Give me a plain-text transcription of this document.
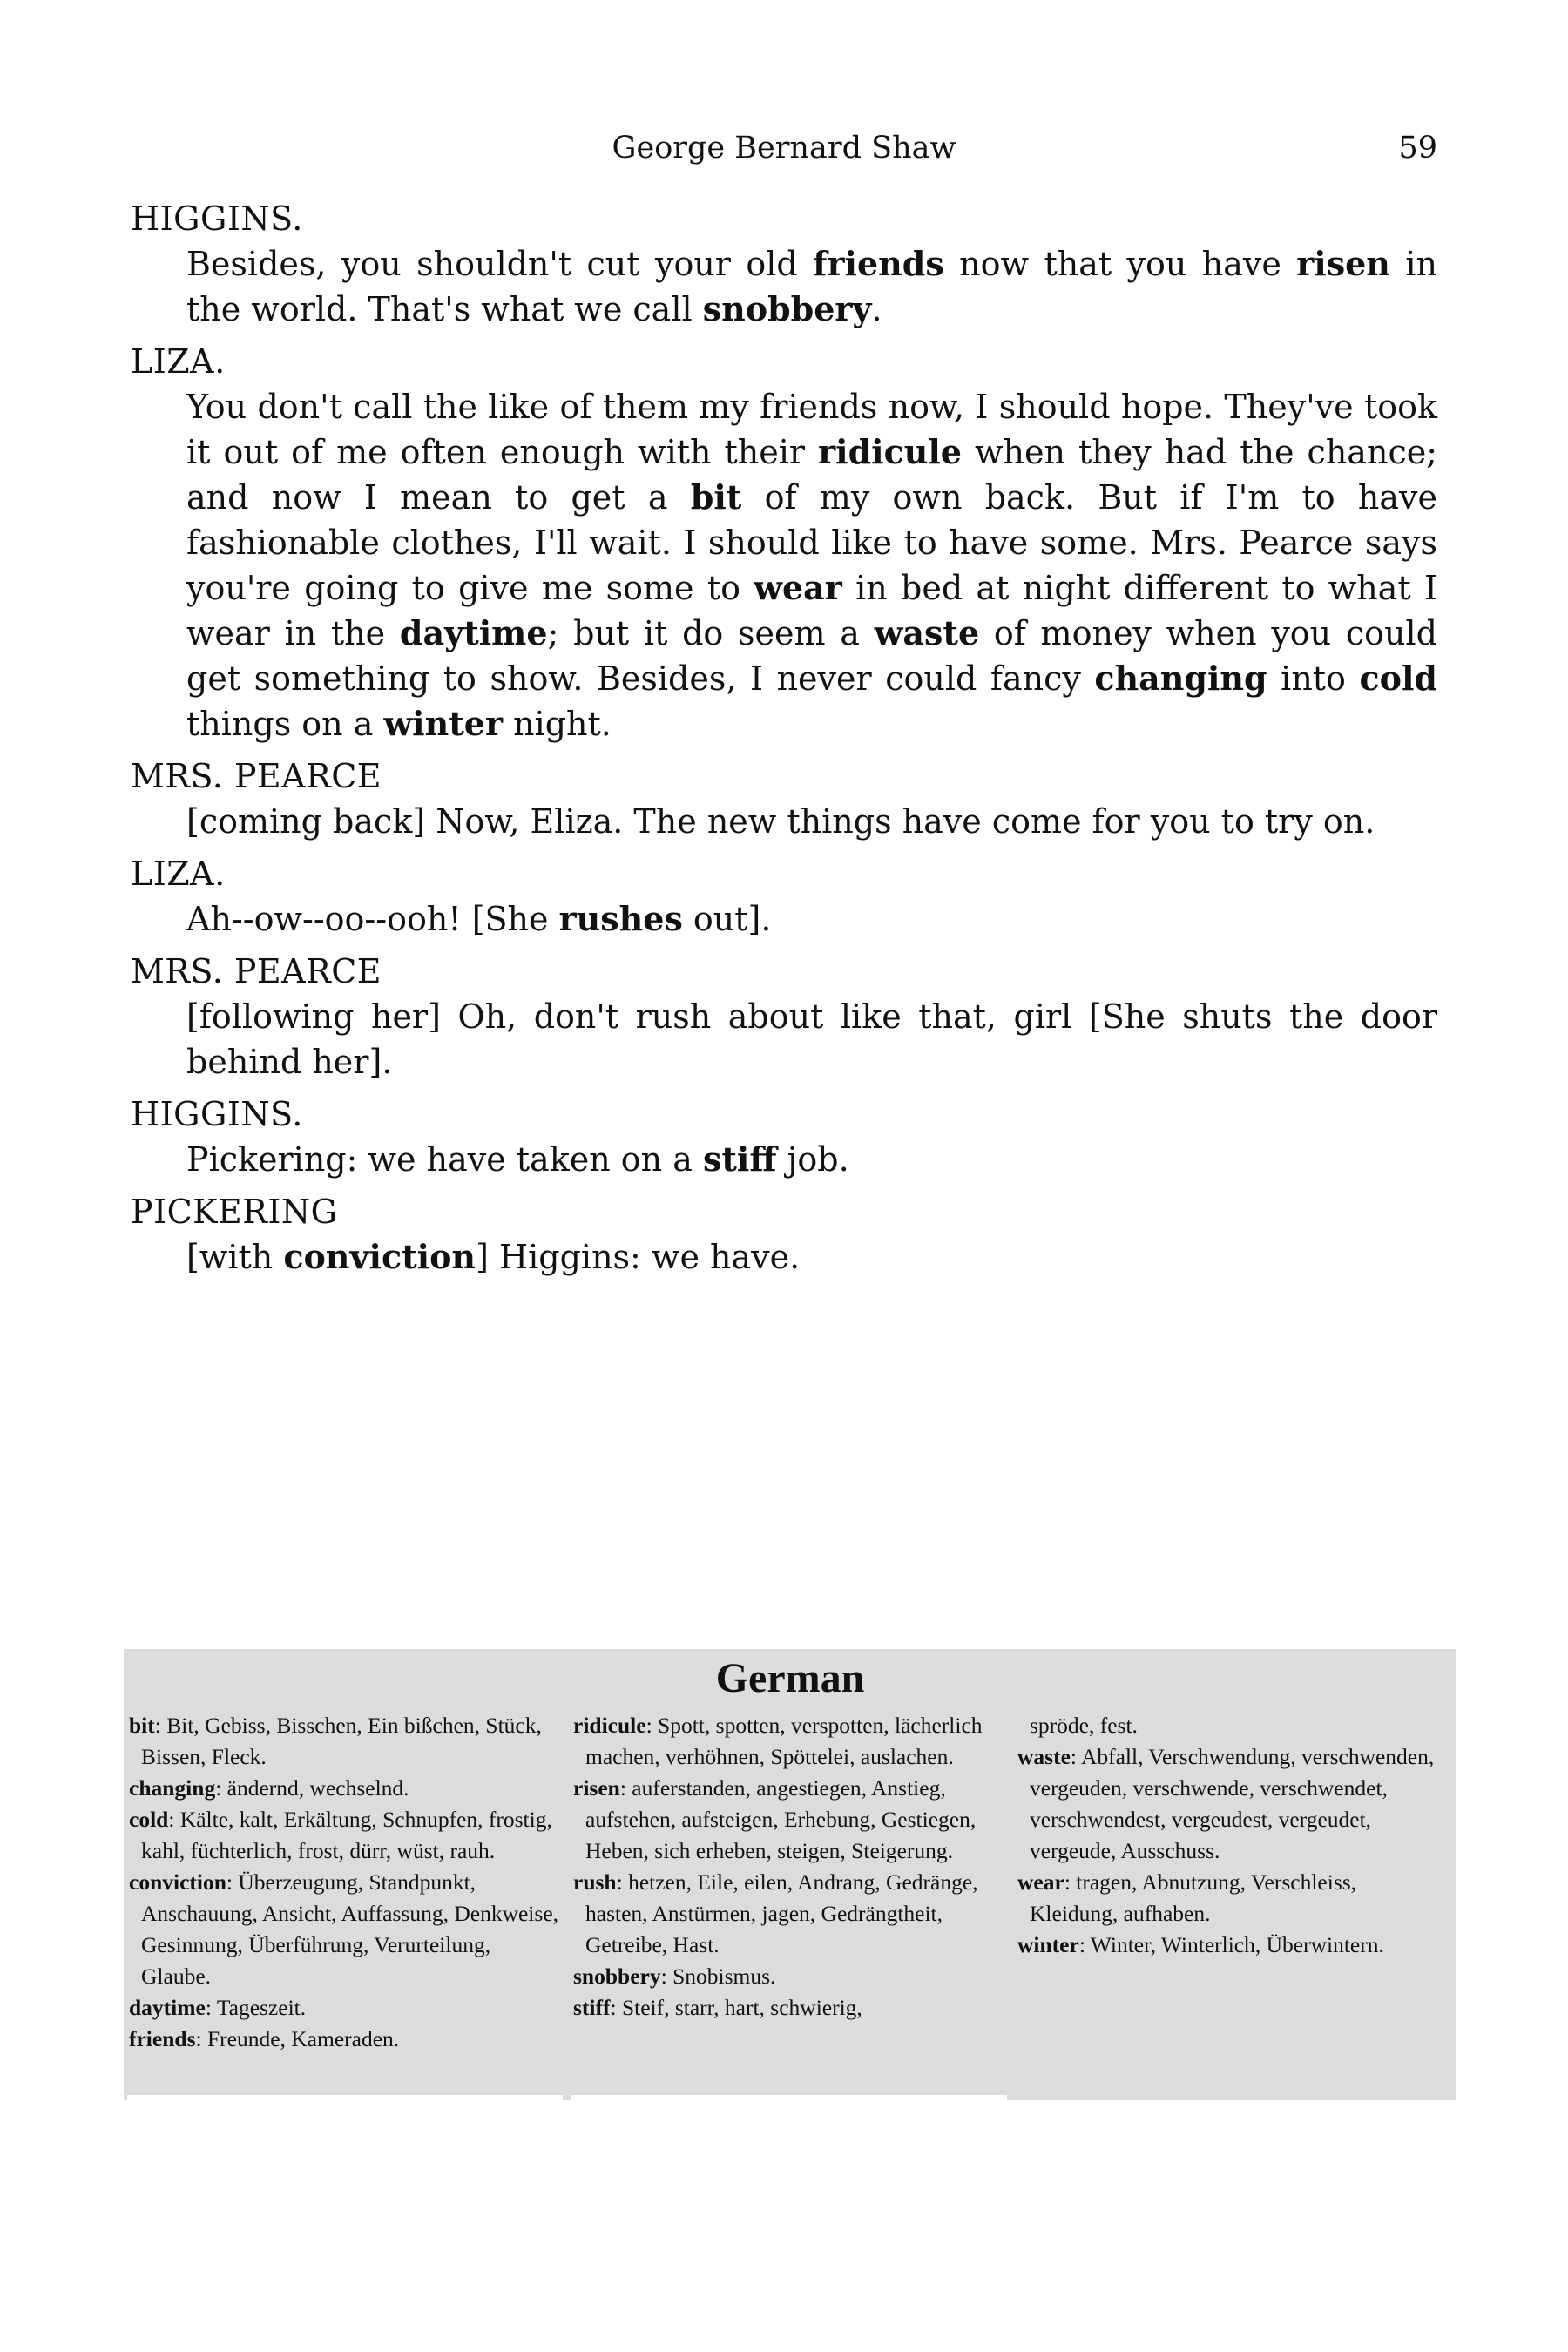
George Bernard Shaw	59

HIGGINS.

Besides, you shouldn't cut your old friends now that you have risen in the world. That's what we call snobbery.

LIZA.

You don't call the like of them my friends now, I should hope. They've took it out of me often enough with their ridicule when they had the chance; and now I mean to get a bit of my own back. But if I'm to have fashionable clothes, I'll wait. I should like to have some. Mrs. Pearce says you're going to give me some to wear in bed at night different to what I wear in the daytime; but it do seem a waste of money when you could get something to show. Besides, I never could fancy changing into cold things on a winter night.

MRS. PEARCE

[coming back] Now, Eliza. The new things have come for you to try on.

LIZA.

Ah--ow--oo--ooh! [She rushes out].

MRS. PEARCE

[following her] Oh, don't rush about like that, girl [She shuts the door behind her].

HIGGINS.

Pickering: we have taken on a stiff job.

PICKERING

[with conviction] Higgins: we have.

German

bit: Bit, Gebiss, Bisschen, Ein bißchen, Stück, Bissen, Fleck.

changing: ändernd, wechselnd.

cold: Kälte, kalt, Erkältung, Schnupfen, frostig, kahl, füchterlich, frost, dürr, wüst, rauh.

conviction: Überzeugung, Standpunkt, Anschauung, Ansicht, Auffassung, Denkweise, Gesinnung, Überführung, Verurteilung, Glaube.

daytime: Tageszeit.

friends: Freunde, Kameraden.

ridicule: Spott, spotten, verspotten, lächerlich machen, verhöhnen, Spöttelei, auslachen.

risen: auferstanden, angestiegen, Anstieg, aufstehen, aufsteigen, Erhebung, Gestiegen, Heben, sich erheben, steigen, Steigerung.

rush: hetzen, Eile, eilen, Andrang, Gedränge, hasten, Anstürmen, jagen, Gedrängtheit, Getreibe, Hast.

snobbery: Snobismus.

stiff: Steif, starr, hart, schwierig,

spröde, fest.

waste: Abfall, Verschwendung, verschwenden, vergeuden, verschwende, verschwendet, verschwendest, vergeudest, vergeudet, vergeude, Ausschuss.

wear: tragen, Abnutzung, Verschleiss, Kleidung, aufhaben.

winter: Winter, Winterlich, Überwintern.
